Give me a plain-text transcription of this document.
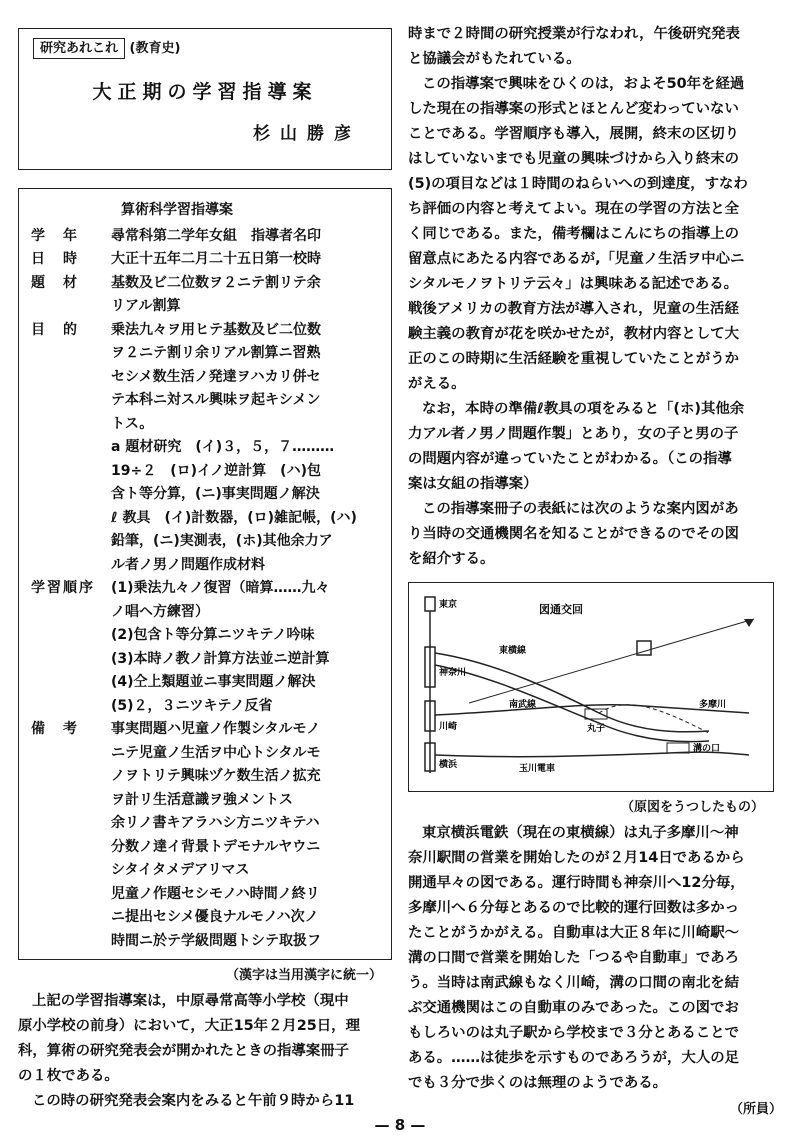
研究あれこれ (教育史)
大正期の学習指導案
杉山勝彦
算術科学習指導案
学　年	尋常科第二学年女組　指導者名印
日　時	大正十五年二月二十五日第一校時
題　材	基数及ビ二位数ヲ２ニテ割リテ余
リアル割算
目　的	乗法九々ヲ用ヒテ基数及ビ二位数
ヲ２ニテ割リ余リアル割算ニ習熟
セシメ数生活ノ発達ヲハカリ併セ
テ本科ニ対スル興味ヲ起キシメン
トス。
a 題材研究　(イ)３，５，７………
19÷２　(ロ)イノ逆計算　(ハ)包
含ト等分算，(ニ)事実問題ノ解決
ℓ 教具　(イ)計数器，(ロ)雑記帳，(ハ)
鉛筆，(ニ)実測表，(ホ)其他余力ア
ル者ノ男ノ問題作成材料
学習順序	(1)乗法九々ノ復習（暗算……九々
ノ唱ヘ方練習）
(2)包含ト等分算ニツキテノ吟味
(3)本時ノ教ノ計算方法並ニ逆計算
(4)仝上類題並ニ事実問題ノ解決
(5)２，３ニツキテノ反省
備　考	事実問題ハ児童ノ作製シタルモノ
ニテ児童ノ生活ヲ中心トシタルモ
ノヲトリテ興味ヅケ数生活ノ拡充
ヲ計リ生活意識ヲ強メントス
余リノ書キアラハシ方ニツキテハ
分数ノ達イ背景トデモナルヤウニ
シタイタメデアリマス
児童ノ作題セシモノハ時間ノ終リ
ニ提出セシメ優良ナルモノハ次ノ
時間ニ於テ学級問題トシテ取扱フ
（漢字は当用漢字に統一）
上記の学習指導案は，中原尋常高等小学校（現中
原小学校の前身）において，大正15年２月25日，理
科，算術の研究発表会が開かれたときの指導案冊子
の１枚である。
この時の研究発表会案内をみると午前９時から11
時まで２時間の研究授業が行なわれ，午後研究発表
と協議会がもたれている。
この指導案で興味をひくのは，およそ50年を経過
した現在の指導案の形式とほとんど変わっていない
ことである。学習順序も導入，展開，終末の区切り
はしていないまでも児童の興味づけから入り終末の
(5)の項目などは１時間のねらいへの到達度，すなわ
ち評価の内容と考えてよい。現在の学習の方法と全
く同じである。また，備考欄はこんにちの指導上の
留意点にあたる内容であるが,「児童ノ生活ヲ中心ニ
シタルモノヲトリテ云々」は興味ある記述である。
戦後アメリカの教育方法が導入され，児童の生活経
験主義の教育が花を咲かせたが，教材内容として大
正のこの時期に生活経験を重視していたことがうか
がえる。
なお，本時の準備ℓ教具の項をみると「(ホ)其他余
力アル者ノ男ノ問題作製」とあり，女の子と男の子
の問題内容が違っていたことがわかる。（この指導
案は女組の指導案）
この指導案冊子の表紙には次のような案内図があ
り当時の交通機関名を知ることができるのでその図
を紹介する。
図通交回
東京
横浜
神奈川
川崎
南武線	多摩川
溝の口
丸子
玉川電車
東横線
（原図をうつしたもの）
東京横浜電鉄（現在の東横線）は丸子多摩川〜神
奈川駅間の営業を開始したのが２月14日であるから
開通早々の図である。運行時間も神奈川へ12分毎，
多摩川へ６分毎とあるので比較的運行回数は多かっ
たことがうかがえる。自動車は大正８年に川崎駅〜
溝の口間で営業を開始した「つるや自動車」であろ
う。当時は南武線もなく川崎，溝の口間の南北を結
ぶ交通機関はこの自動車のみであった。この図でお
もしろいのは丸子駅から学校まで３分とあることで
ある。……は徒歩を示すものであろうが，大人の足
でも３分で歩くのは無理のようである。
（所員）
— 8 —
